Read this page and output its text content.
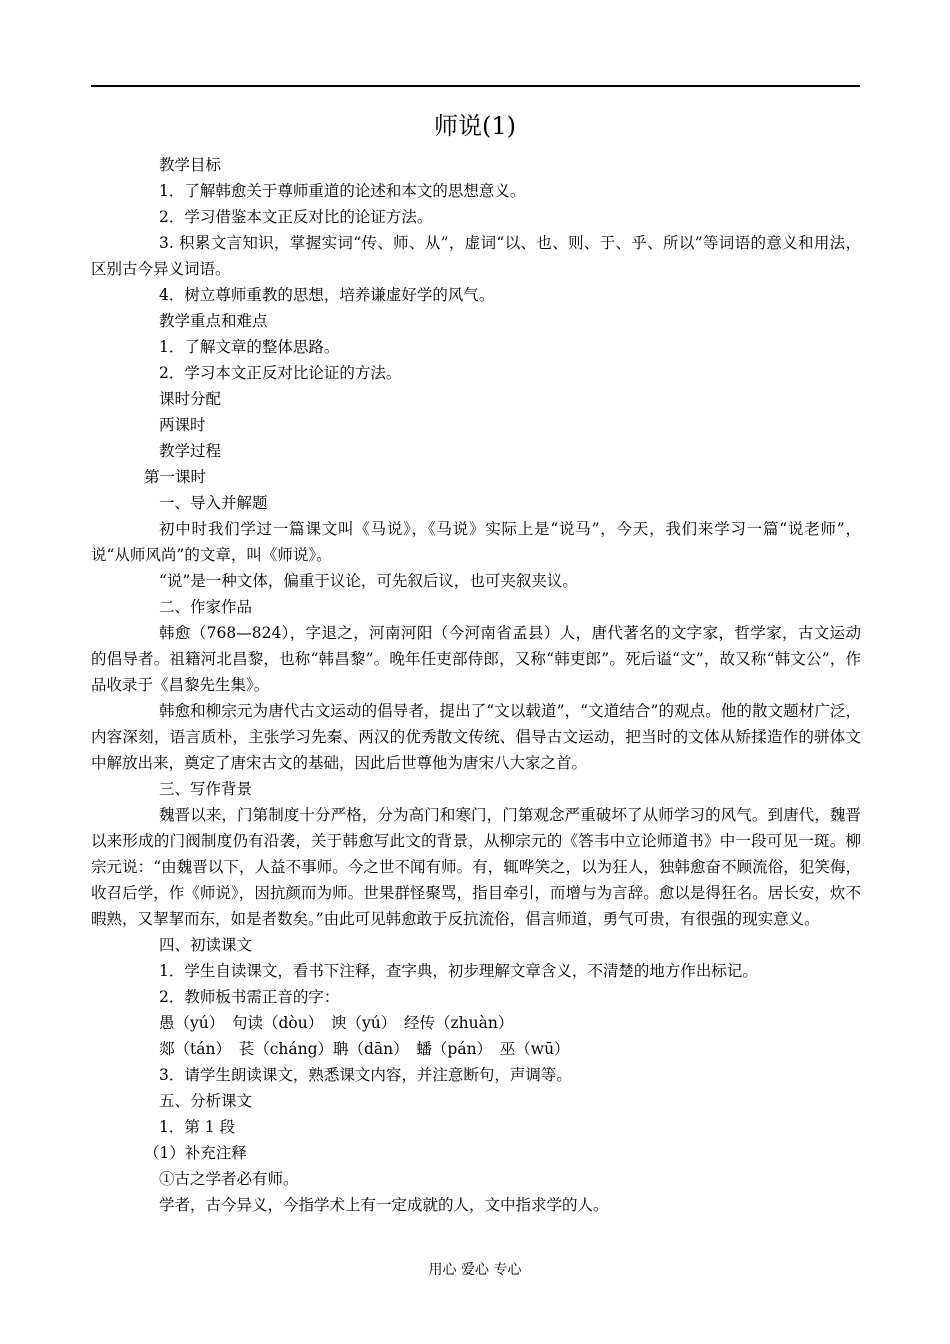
师说(1)

教学目标

1．了解韩愈关于尊师重道的论述和本文的思想意义。

2．学习借鉴本文正反对比的论证方法。

3. 积累文言知识，掌握实词“传、师、从”，虚词“以、也、则、于、乎、所以”等词语的意义和用法，区别古今异义词语。

4．树立尊师重教的思想，培养谦虚好学的风气。

教学重点和难点

1．了解文章的整体思路。

2．学习本文正反对比论证的方法。

课时分配

两课时

教学过程

第一课时

一、导入并解题

初中时我们学过一篇课文叫《马说》，《马说》实际上是“说马”，今天，我们来学习一篇“说老师”，说“从师风尚”的文章，叫《师说》。

“说”是一种文体，偏重于议论，可先叙后议，也可夹叙夹议。

二、作家作品

韩愈（768—824），字退之，河南河阳（今河南省孟县）人，唐代著名的文字家，哲学家，古文运动的倡导者。祖籍河北昌黎，也称“韩昌黎”。晚年任吏部侍郎，又称“韩吏郎”。死后谥“文”，故又称“韩文公”，作品收录于《昌黎先生集》。

韩愈和柳宗元为唐代古文运动的倡导者，提出了“文以载道”，“文道结合”的观点。他的散文题材广泛，内容深刻，语言质朴，主张学习先秦、两汉的优秀散文传统、倡导古文运动，把当时的文体从矫揉造作的骈体文中解放出来，奠定了唐宋古文的基础，因此后世尊他为唐宋八大家之首。

三、写作背景

魏晋以来，门第制度十分严格，分为高门和寒门，门第观念严重破坏了从师学习的风气。到唐代，魏晋以来形成的门阀制度仍有沿袭，关于韩愈写此文的背景，从柳宗元的《答韦中立论师道书》中一段可见一斑。柳宗元说：“由魏晋以下，人益不事师。今之世不闻有师。有，辄哗笑之，以为狂人，独韩愈奋不顾流俗，犯笑侮，收召后学，作《师说》，因抗颜而为师。世果群怪聚骂，指目牵引，而增与为言辞。愈以是得狂名。居长安，炊不暇熟，又挈挈而东，如是者数矣。”由此可见韩愈敢于反抗流俗，倡言师道，勇气可贵，有很强的现实意义。

四、初读课文

1．学生自读课文，看书下注释，查字典，初步理解文章含义，不清楚的地方作出标记。

2．教师板书需正音的字：

愚（yú）　句读（dòu）　谀（yú）　经传（zhuàn）

郯（tán）　苌（cháng）聃（dān）　蟠（pán）　巫（wū）

3．请学生朗读课文，熟悉课文内容，并注意断句，声调等。

五、分析课文

1．第 1 段

（1）补充注释

①古之学者必有师。

学者，古今异义，今指学术上有一定成就的人，文中指求学的人。

用心 爱心 专心
